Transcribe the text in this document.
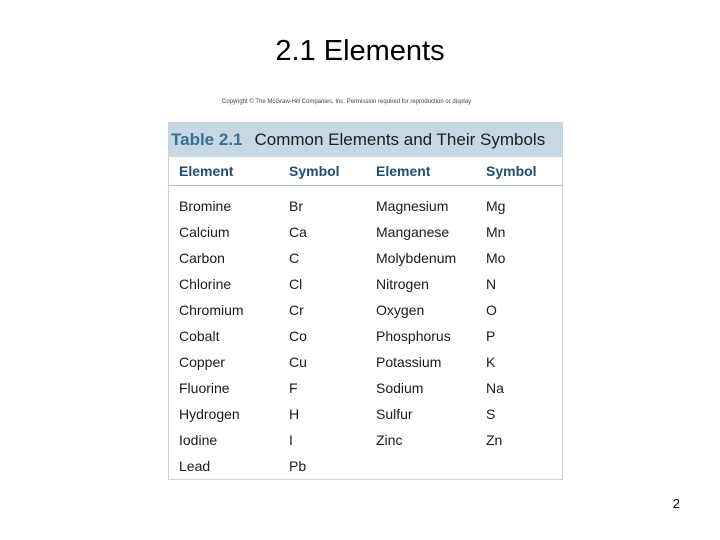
2.1 Elements
Copyright © The McGraw-Hill Companies, Inc. Permission required for reproduction or display
Table 2.1 Common Elements and Their Symbols
Element	Symbol	Element	Symbol
Bromine	Br	Magnesium	Mg
Calcium	Ca	Manganese	Mn
Carbon	C	Molybdenum	Mo
Chlorine	Cl	Nitrogen	N
Chromium	Cr	Oxygen	O
Cobalt	Co	Phosphorus	P
Copper	Cu	Potassium	K
Fluorine	F	Sodium	Na
Hydrogen	H	Sulfur	S
Iodine	I	Zinc	Zn
Lead	Pb
2
